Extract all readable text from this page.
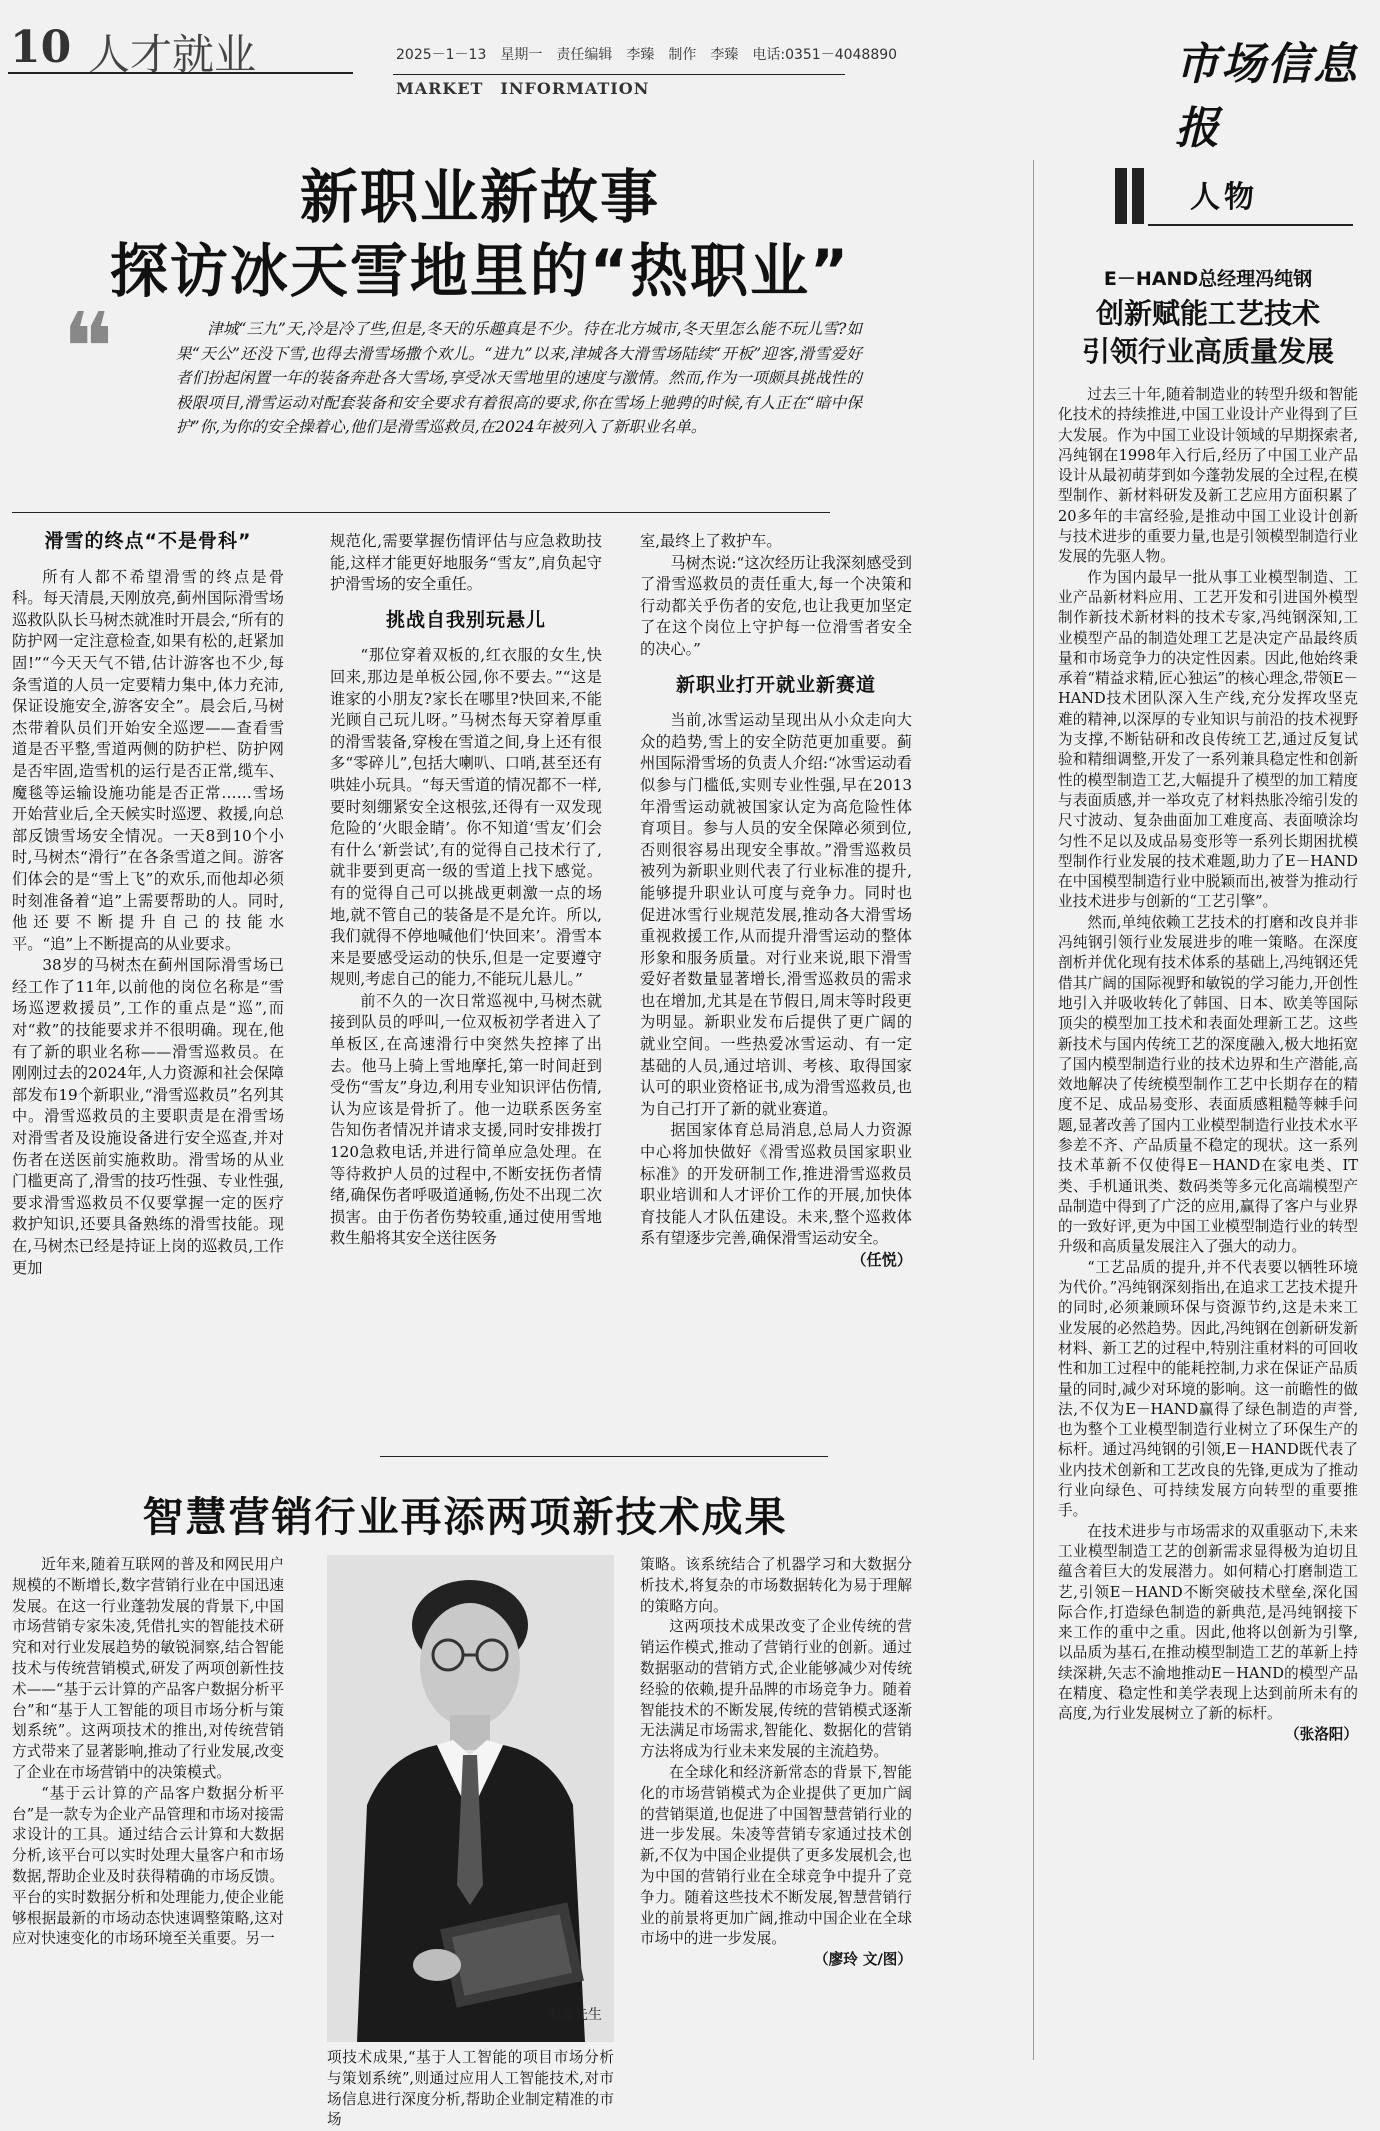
10 人才就业	2025－1－13　星期一　责任编辑　李臻　制作　李臻　电话:0351－4048890
MARKET　INFORMATION	市场信息报
新职业新故事
探访冰天雪地里的“热职业”
❝	津城“三九”天,冷是冷了些,但是,冬天的乐趣真是不少。待在北方城市,冬天里怎么能不玩儿雪?如果“天公”还没下雪,也得去滑雪场撒个欢儿。“进九”以来,津城各大滑雪场陆续“开板”迎客,滑雪爱好者们扮起闲置一年的装备奔赴各大雪场,享受冰天雪地里的速度与激情。然而,作为一项颇具挑战性的极限项目,滑雪运动对配套装备和安全要求有着很高的要求,你在雪场上驰骋的时候,有人正在“暗中保护”你,为你的安全操着心,他们是滑雪巡救员,在2024年被列入了新职业名单。
滑雪的终点“不是骨科”

所有人都不希望滑雪的终点是骨科。每天清晨,天刚放亮,蓟州国际滑雪场巡救队队长马树杰就准时开晨会,“所有的防护网一定注意检查,如果有松的,赶紧加固!”“今天天气不错,估计游客也不少,每条雪道的人员一定要精力集中,体力充沛,保证设施安全,游客安全”。晨会后,马树杰带着队员们开始安全巡逻——查看雪道是否平整,雪道两侧的防护栏、防护网是否牢固,造雪机的运行是否正常,缆车、魔毯等运输设施功能是否正常……雪场开始营业后,全天候实时巡逻、救援,向总部反馈雪场安全情况。一天8到10个小时,马树杰“滑行”在各条雪道之间。游客们体会的是“雪上飞”的欢乐,而他却必须时刻准备着“追”上需要帮助的人。同时,他还要不断提升自己的技能水平。“追”上不断提高的从业要求。

38岁的马树杰在蓟州国际滑雪场已经工作了11年,以前他的岗位名称是“雪场巡逻救援员”,工作的重点是“巡”,而对“救”的技能要求并不很明确。现在,他有了新的职业名称——滑雪巡救员。在刚刚过去的2024年,人力资源和社会保障部发布19个新职业,“滑雪巡救员”名列其中。滑雪巡救员的主要职责是在滑雪场对滑雪者及设施设备进行安全巡查,并对伤者在送医前实施救助。滑雪场的从业门槛更高了,滑雪的技巧性强、专业性强,要求滑雪巡救员不仅要掌握一定的医疗救护知识,还要具备熟练的滑雪技能。现在,马树杰已经是持证上岗的巡救员,工作更加

规范化,需要掌握伤情评估与应急救助技能,这样才能更好地服务“雪友”,肩负起守护滑雪场的安全重任。

挑战自我别玩悬儿

“那位穿着双板的,红衣服的女生,快回来,那边是单板公园,你不要去。”“这是谁家的小朋友?家长在哪里?快回来,不能光顾自己玩儿呀。”马树杰每天穿着厚重的滑雪装备,穿梭在雪道之间,身上还有很多“零碎儿”,包括大喇叭、口哨,甚至还有哄娃小玩具。“每天雪道的情况都不一样,要时刻绷紧安全这根弦,还得有一双发现危险的‘火眼金睛’。你不知道‘雪友’们会有什么‘新尝试’,有的觉得自己技术行了,就非要到更高一级的雪道上找下感觉。有的觉得自己可以挑战更刺激一点的场地,就不管自己的装备是不是允许。所以,我们就得不停地喊他们‘快回来’。滑雪本来是要感受运动的快乐,但是一定要遵守规则,考虑自己的能力,不能玩儿悬儿。”

前不久的一次日常巡视中,马树杰就接到队员的呼叫,一位双板初学者进入了单板区,在高速滑行中突然失控摔了出去。他马上骑上雪地摩托,第一时间赶到受伤“雪友”身边,利用专业知识评估伤情,认为应该是骨折了。他一边联系医务室告知伤者情况并请求支援,同时安排拨打120急救电话,并进行简单应急处理。在等待救护人员的过程中,不断安抚伤者情绪,确保伤者呼吸道通畅,伤处不出现二次损害。由于伤者伤势较重,通过使用雪地救生船将其安全送往医务

室,最终上了救护车。

马树杰说:“这次经历让我深刻感受到了滑雪巡救员的责任重大,每一个决策和行动都关乎伤者的安危,也让我更加坚定了在这个岗位上守护每一位滑雪者安全的决心。”

新职业打开就业新赛道

当前,冰雪运动呈现出从小众走向大众的趋势,雪上的安全防范更加重要。蓟州国际滑雪场的负责人介绍:“冰雪运动看似参与门槛低,实则专业性强,早在2013年滑雪运动就被国家认定为高危险性体育项目。参与人员的安全保障必须到位,否则很容易出现安全事故。”滑雪巡救员被列为新职业则代表了行业标准的提升,能够提升职业认可度与竞争力。同时也促进冰雪行业规范发展,推动各大滑雪场重视救援工作,从而提升滑雪运动的整体形象和服务质量。对行业来说,眼下滑雪爱好者数量显著增长,滑雪巡救员的需求也在增加,尤其是在节假日,周末等时段更为明显。新职业发布后提供了更广阔的就业空间。一些热爱冰雪运动、有一定基础的人员,通过培训、考核、取得国家认可的职业资格证书,成为滑雪巡救员,也为自己打开了新的就业赛道。

据国家体育总局消息,总局人力资源中心将加快做好《滑雪巡救员国家职业标准》的开发研制工作,推进滑雪巡救员职业培训和人才评价工作的开展,加快体育技能人才队伍建设。未来,整个巡救体系有望逐步完善,确保滑雪运动安全。

（任悦）
智慧营销行业再添两项新技术成果

近年来,随着互联网的普及和网民用户规模的不断增长,数字营销行业在中国迅速发展。在这一行业蓬勃发展的背景下,中国市场营销专家朱凌,凭借扎实的智能技术研究和对行业发展趋势的敏锐洞察,结合智能技术与传统营销模式,研发了两项创新性技术——“基于云计算的产品客户数据分析平台”和“基于人工智能的项目市场分析与策划系统”。这两项技术的推出,对传统营销方式带来了显著影响,推动了行业发展,改变了企业在市场营销中的决策模式。

“基于云计算的产品客户数据分析平台”是一款专为企业产品管理和市场对接需求设计的工具。通过结合云计算和大数据分析,该平台可以实时处理大量客户和市场数据,帮助企业及时获得精确的市场反馈。平台的实时数据分析和处理能力,使企业能够根据最新的市场动态快速调整策略,这对应对快速变化的市场环境至关重要。另一

朱凌先生

项技术成果,“基于人工智能的项目市场分析与策划系统”,则通过应用人工智能技术,对市场信息进行深度分析,帮助企业制定精准的市场

策略。该系统结合了机器学习和大数据分析技术,将复杂的市场数据转化为易于理解的策略方向。

这两项技术成果改变了企业传统的营销运作模式,推动了营销行业的创新。通过数据驱动的营销方式,企业能够减少对传统经验的依赖,提升品牌的市场竞争力。随着智能技术的不断发展,传统的营销模式逐渐无法满足市场需求,智能化、数据化的营销方法将成为行业未来发展的主流趋势。

在全球化和经济新常态的背景下,智能化的市场营销模式为企业提供了更加广阔的营销渠道,也促进了中国智慧营销行业的进一步发展。朱凌等营销专家通过技术创新,不仅为中国企业提供了更多发展机会,也为中国的营销行业在全球竞争中提升了竞争力。随着这些技术不断发展,智慧营销行业的前景将更加广阔,推动中国企业在全球市场中的进一步发展。

（廖玲 文/图）
人物
E－HAND总经理冯纯钢
创新赋能工艺技术
引领行业高质量发展

过去三十年,随着制造业的转型升级和智能化技术的持续推进,中国工业设计产业得到了巨大发展。作为中国工业设计领域的早期探索者,冯纯钢在1998年入行后,经历了中国工业产品设计从最初萌芽到如今蓬勃发展的全过程,在模型制作、新材料研发及新工艺应用方面积累了20多年的丰富经验,是推动中国工业设计创新与技术进步的重要力量,也是引领模型制造行业发展的先驱人物。

作为国内最早一批从事工业模型制造、工业产品新材料应用、工艺开发和引进国外模型制作新技术新材料的技术专家,冯纯钢深知,工业模型产品的制造处理工艺是决定产品最终质量和市场竞争力的决定性因素。因此,他始终秉承着“精益求精,匠心独运”的核心理念,带领E－HAND技术团队深入生产线,充分发挥攻坚克难的精神,以深厚的专业知识与前沿的技术视野为支撑,不断钻研和改良传统工艺,通过反复试验和精细调整,开发了一系列兼具稳定性和创新性的模型制造工艺,大幅提升了模型的加工精度与表面质感,并一举攻克了材料热胀冷缩引发的尺寸波动、复杂曲面加工难度高、表面喷涂均匀性不足以及成品易变形等一系列长期困扰模型制作行业发展的技术难题,助力了E－HAND在中国模型制造行业中脱颖而出,被誉为推动行业技术进步与创新的“工艺引擎”。

然而,单纯依赖工艺技术的打磨和改良并非冯纯钢引领行业发展进步的唯一策略。在深度剖析并优化现有技术体系的基础上,冯纯钢还凭借其广阔的国际视野和敏锐的学习能力,开创性地引入并吸收转化了韩国、日本、欧美等国际顶尖的模型加工技术和表面处理新工艺。这些新技术与国内传统工艺的深度融入,极大地拓宽了国内模型制造行业的技术边界和生产潜能,高效地解决了传统模型制作工艺中长期存在的精度不足、成品易变形、表面质感粗糙等棘手问题,显著改善了国内工业模型制造行业技术水平参差不齐、产品质量不稳定的现状。这一系列技术革新不仅使得E－HAND在家电类、IT类、手机通讯类、数码类等多元化高端模型产品制造中得到了广泛的应用,赢得了客户与业界的一致好评,更为中国工业模型制造行业的转型升级和高质量发展注入了强大的动力。

“工艺品质的提升,并不代表要以牺牲环境为代价。”冯纯钢深刻指出,在追求工艺技术提升的同时,必须兼顾环保与资源节约,这是未来工业发展的必然趋势。因此,冯纯钢在创新研发新材料、新工艺的过程中,特别注重材料的可回收性和加工过程中的能耗控制,力求在保证产品质量的同时,减少对环境的影响。这一前瞻性的做法,不仅为E－HAND赢得了绿色制造的声誉,也为整个工业模型制造行业树立了环保生产的标杆。通过冯纯钢的引领,E－HAND既代表了业内技术创新和工艺改良的先锋,更成为了推动行业向绿色、可持续发展方向转型的重要推手。

在技术进步与市场需求的双重驱动下,未来工业模型制造工艺的创新需求显得极为迫切且蕴含着巨大的发展潜力。如何精心打磨制造工艺,引领E－HAND不断突破技术壁垒,深化国际合作,打造绿色制造的新典范,是冯纯钢接下来工作的重中之重。因此,他将以创新为引擎,以品质为基石,在推动模型制造工艺的革新上持续深耕,矢志不渝地推动E－HAND的模型产品在精度、稳定性和美学表现上达到前所未有的高度,为行业发展树立了新的标杆。

（张洛阳）
